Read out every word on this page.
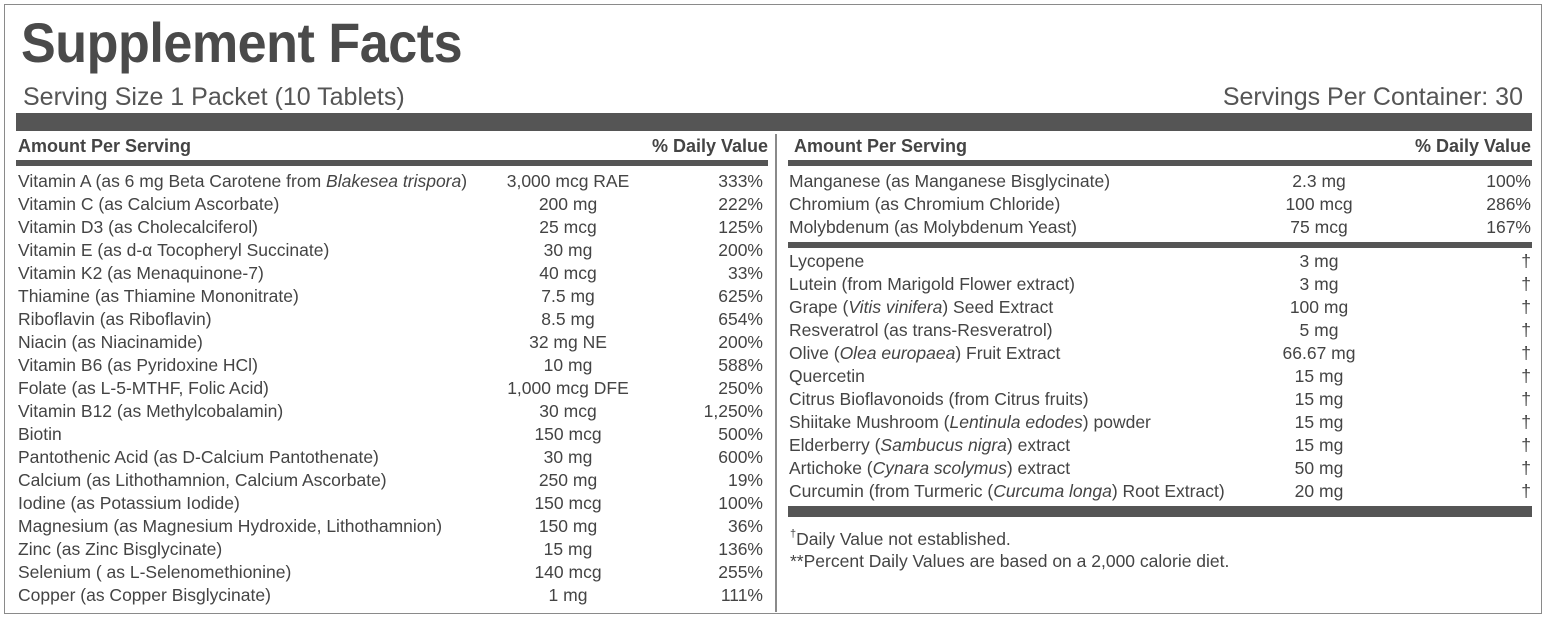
Supplement Facts
Serving Size 1 Packet (10 Tablets)	Servings Per Container: 30
Amount Per Serving	% Daily Value Amount Per Serving	% Daily Value
Vitamin A (as 6 mg Beta Carotene from Blakesea trispora)	3,000 mcg RAE	333%
Vitamin C (as Calcium Ascorbate)	200 mg	222%
Vitamin D3 (as Cholecalciferol)	25 mcg	125%
Vitamin E (as d-α Tocopheryl Succinate)	30 mg	200%
Vitamin K2 (as Menaquinone-7)	40 mcg	33%
Thiamine (as Thiamine Mononitrate)	7.5 mg	625%
Riboflavin (as Riboflavin)	8.5 mg	654%
Niacin (as Niacinamide)	32 mg NE	200%
Vitamin B6 (as Pyridoxine HCl)	10 mg	588%
Folate (as L-5-MTHF, Folic Acid)	1,000 mcg DFE	250%
Vitamin B12 (as Methylcobalamin)	30 mcg	1,250%
Biotin	150 mcg	500%
Pantothenic Acid (as D-Calcium Pantothenate)	30 mg	600%
Calcium (as Lithothamnion, Calcium Ascorbate)	250 mg	19%
Iodine (as Potassium Iodide)	150 mcg	100%
Magnesium (as Magnesium Hydroxide, Lithothamnion)	150 mg	36%
Zinc (as Zinc Bisglycinate)	15 mg	136%
Selenium ( as L-Selenomethionine)	140 mcg	255%
Copper (as Copper Bisglycinate)	1 mg	111%
Manganese (as Manganese Bisglycinate)	2.3 mg	100%
Chromium (as Chromium Chloride)	100 mcg	286%
Molybdenum (as Molybdenum Yeast)	75 mcg	167%
Lycopene	3 mg	†
Lutein (from Marigold Flower extract)	3 mg	†
Grape (Vitis vinifera) Seed Extract	100 mg	†
Resveratrol (as trans-Resveratrol)	5 mg	†
Olive (Olea europaea) Fruit Extract	66.67 mg	†
Quercetin	15 mg	†
Citrus Bioflavonoids (from Citrus fruits)	15 mg	†
Shiitake Mushroom (Lentinula edodes) powder	15 mg	†
Elderberry (Sambucus nigra) extract	15 mg	†
Artichoke (Cynara scolymus) extract	50 mg	†
Curcumin (from Turmeric (Curcuma longa) Root Extract)	20 mg	†
†Daily Value not established.
**Percent Daily Values are based on a 2,000 calorie diet.
